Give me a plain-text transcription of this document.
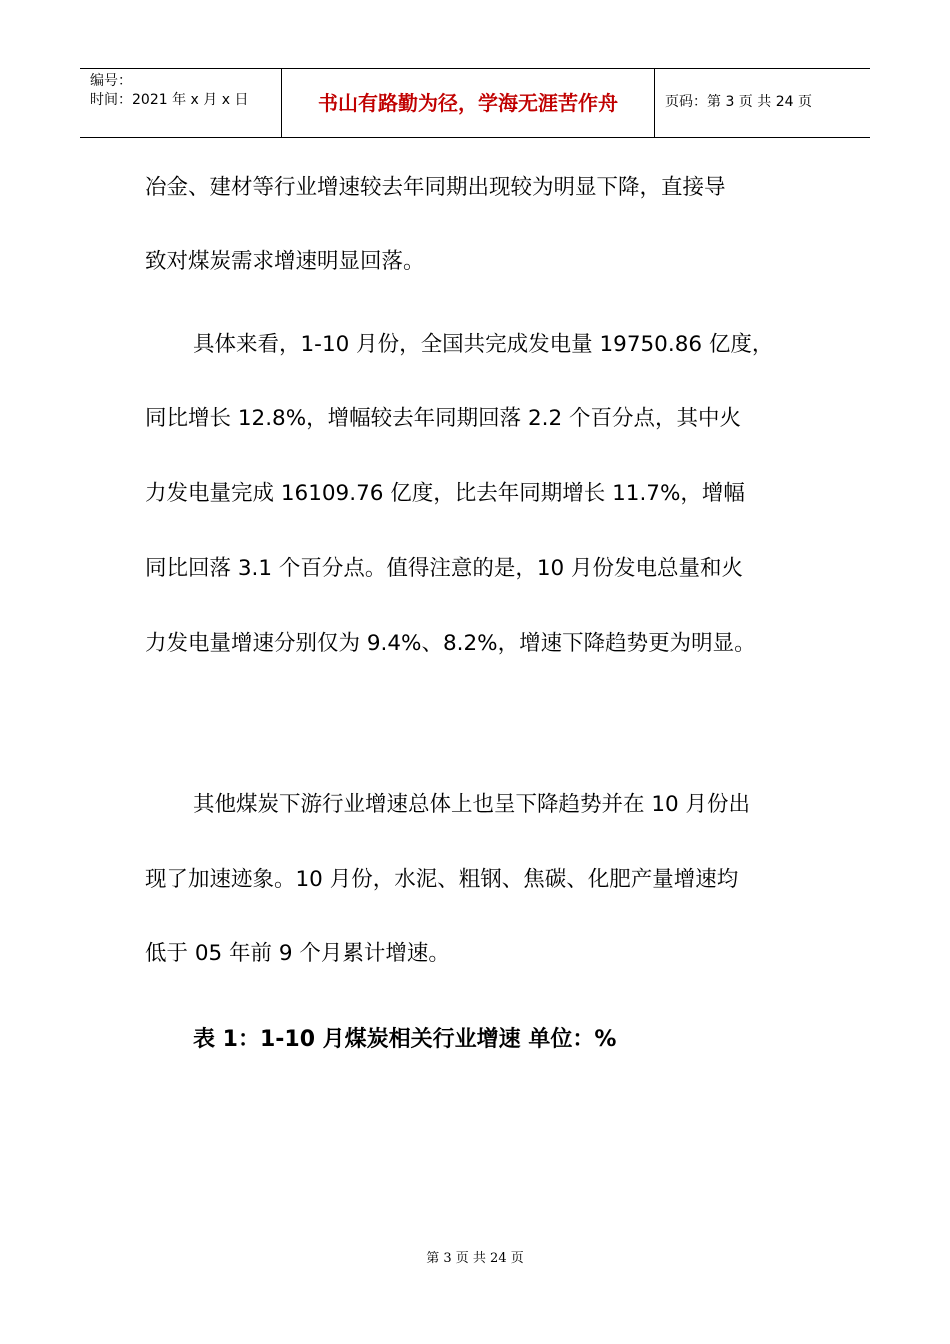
编号：
时间：2021 年 x 月 x 日	书山有路勤为径，学海无涯苦作舟	页码：第 3 页 共 24 页
冶金、建材等行业增速较去年同期出现较为明显下降，直接导
致对煤炭需求增速明显回落。
具体来看，1-10 月份，全国共完成发电量 19750.86 亿度，
同比增长 12.8%，增幅较去年同期回落 2.2 个百分点，其中火
力发电量完成 16109.76 亿度，比去年同期增长 11.7%，增幅
同比回落 3.1 个百分点。值得注意的是，10 月份发电总量和火
力发电量增速分别仅为 9.4%、8.2%，增速下降趋势更为明显。
其他煤炭下游行业增速总体上也呈下降趋势并在 10 月份出
现了加速迹象。10 月份，水泥、粗钢、焦碳、化肥产量增速均
低于 05 年前 9 个月累计增速。
表 1：1-10 月煤炭相关行业增速 单位：%
第 3 页 共 24 页
